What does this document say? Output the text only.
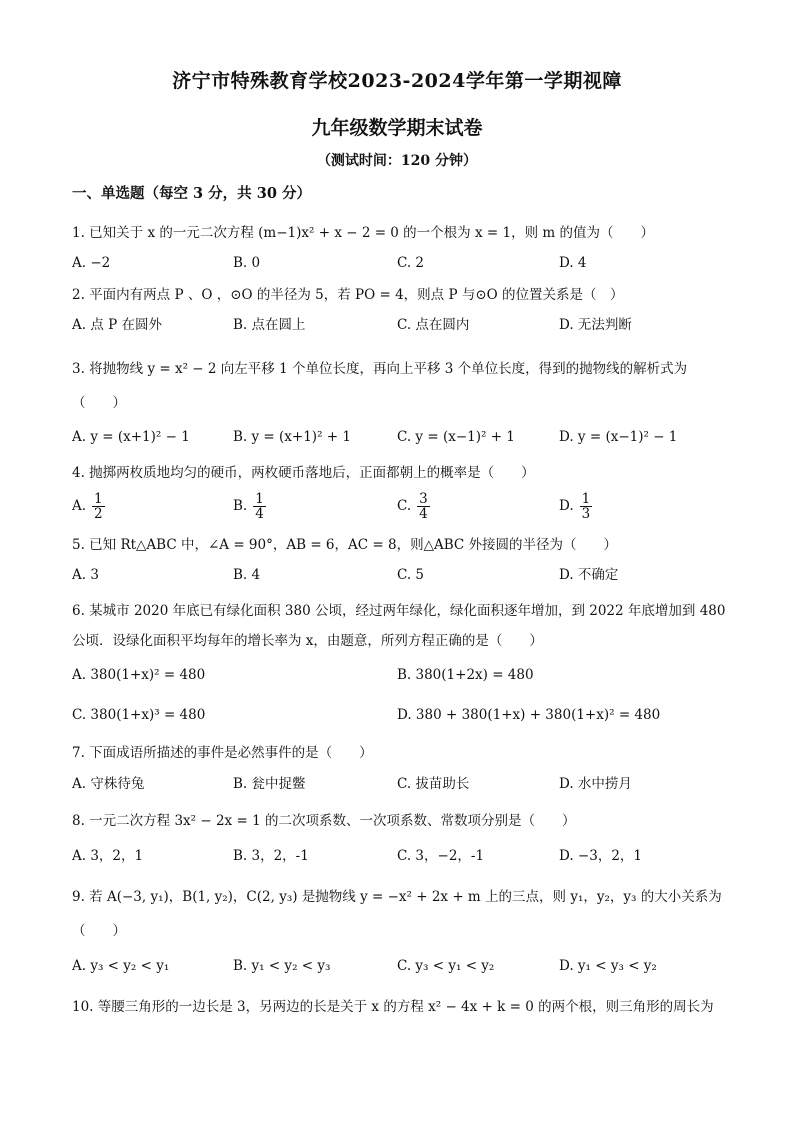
济宁市特殊教育学校2023-2024学年第一学期视障
九年级数学期末试卷
（测试时间：120 分钟）
一、单选题（每空 3 分，共 30 分）
1. 已知关于 x 的一元二次方程 (m−1)x² + x − 2 = 0 的一个根为 x = 1，则 m 的值为（　　）
A. −2	B. 0	C. 2	D. 4
2. 平面内有两点 P 、O ，⊙O 的半径为 5，若 PO = 4，则点 P 与⊙O 的位置关系是（　）
A. 点 P 在圆外	B. 点在圆上	C. 点在圆内	D. 无法判断
3. 将抛物线 y = x² − 2 向左平移 1 个单位长度，再向上平移 3 个单位长度，得到的抛物线的解析式为（　　）
A. y = (x+1)² − 1	B. y = (x+1)² + 1	C. y = (x−1)² + 1	D. y = (x−1)² − 1
4. 抛掷两枚质地均匀的硬币，两枚硬币落地后，正面都朝上的概率是（　　）
A. $\frac{1}{2}$	B. $\frac{1}{4}$	C. $\frac{3}{4}$	D. $\frac{1}{3}$
5. 已知 Rt△ABC 中，∠A = 90°，AB = 6，AC = 8，则△ABC 外接圆的半径为（　　）
A. 3	B. 4	C. 5	D. 不确定
6. 某城市 2020 年底已有绿化面积 380 公顷，经过两年绿化，绿化面积逐年增加，到 2022 年底增加到 480 公顷．设绿化面积平均每年的增长率为 x，由题意，所列方程正确的是（　　）
A. 380(1+x)² = 480	B. 380(1+2x) = 480
C. 380(1+x)³ = 480	D. 380 + 380(1+x) + 380(1+x)² = 480
7. 下面成语所描述的事件是必然事件的是（　　）
A. 守株待兔	B. 瓮中捉鳖	C. 拔苗助长	D. 水中捞月
8. 一元二次方程 3x² − 2x = 1 的二次项系数、一次项系数、常数项分别是（　　）
A. 3，2，1	B. 3，2，-1	C. 3，−2，-1	D. −3，2，1
9. 若 A(−3, y₁)，B(1, y₂)，C(2, y₃) 是抛物线 y = −x² + 2x + m 上的三点，则 y₁，y₂，y₃ 的大小关系为（　　）
A. y₃ < y₂ < y₁	B. y₁ < y₂ < y₃	C. y₃ < y₁ < y₂	D. y₁ < y₃ < y₂
10. 等腰三角形的一边长是 3，另两边的长是关于 x 的方程 x² − 4x + k = 0 的两个根，则三角形的周长为
